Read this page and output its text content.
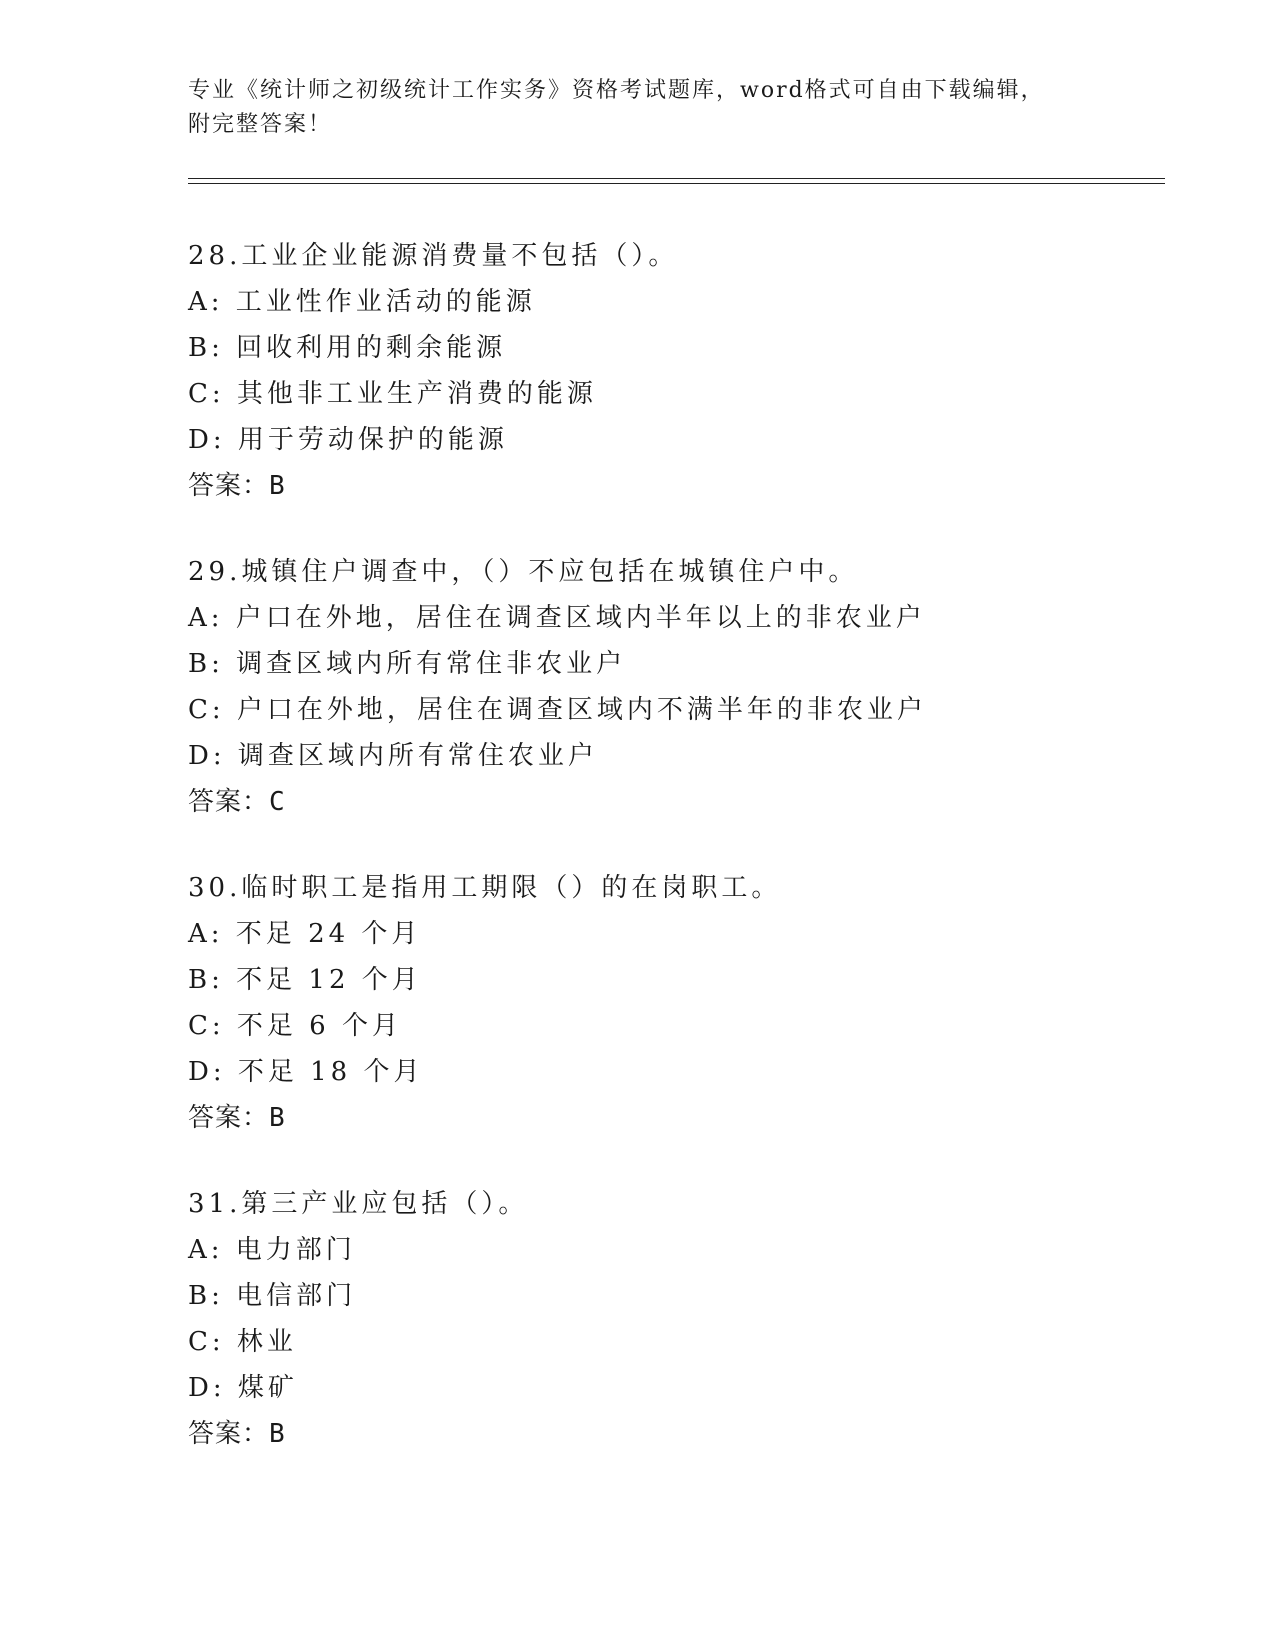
专业《统计师之初级统计工作实务》资格考试题库，word格式可自由下载编辑，
附完整答案！
28.工业企业能源消费量不包括（）。
A: 工业性作业活动的能源
B: 回收利用的剩余能源
C: 其他非工业生产消费的能源
D: 用于劳动保护的能源
答案：B
29.城镇住户调查中，（）不应包括在城镇住户中。
A: 户口在外地，居住在调查区域内半年以上的非农业户
B: 调查区域内所有常住非农业户
C: 户口在外地，居住在调查区域内不满半年的非农业户
D: 调查区域内所有常住农业户
答案：C
30.临时职工是指用工期限（）的在岗职工。
A: 不足 24 个月
B: 不足 12 个月
C: 不足 6 个月
D: 不足 18 个月
答案：B
31.第三产业应包括（）。
A: 电力部门
B: 电信部门
C: 林业
D: 煤矿
答案：B
